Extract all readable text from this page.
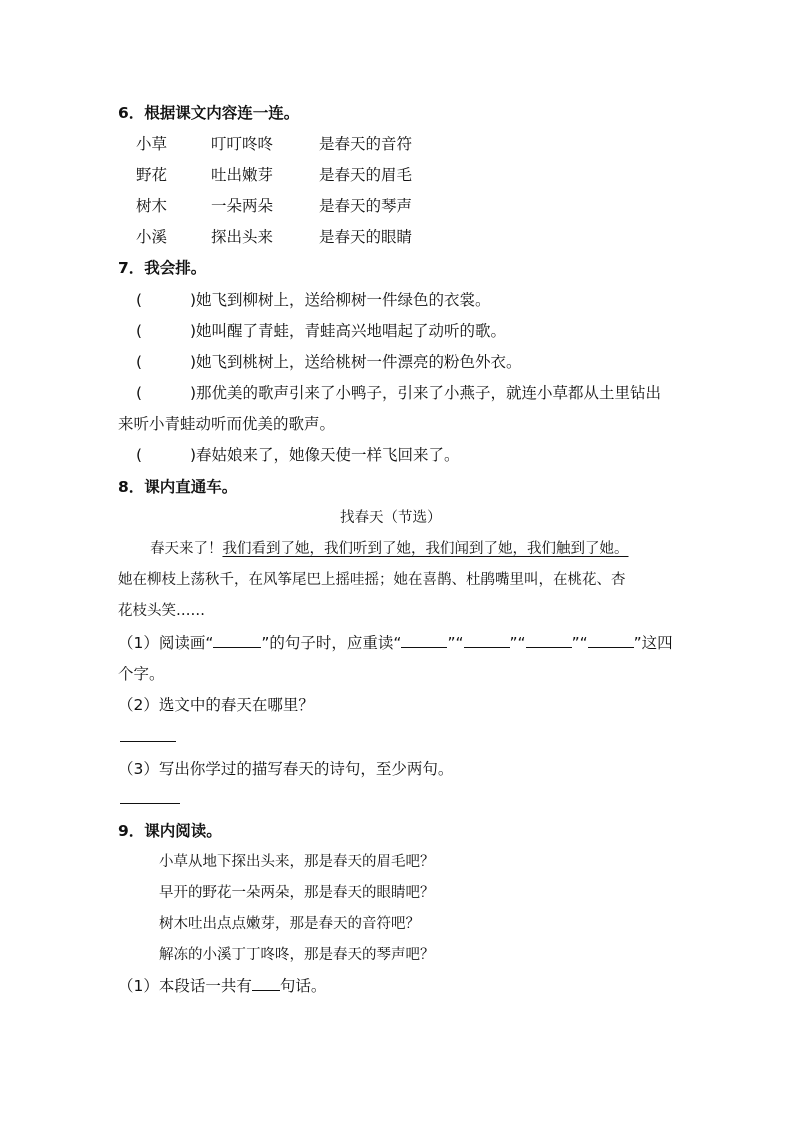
6．根据课文内容连一连。
小草	叮叮咚咚	是春天的音符
野花	吐出嫩芽	是春天的眉毛
树木	一朵两朵	是春天的琴声
小溪	探出头来	是春天的眼睛
7．我会排。
(
	) 她飞到柳树上，送给柳树一件绿色的衣裳。
(
	) 她叫醒了青蛙，青蛙高兴地唱起了动听的歌。
(
	) 她飞到桃树上，送给桃树一件漂亮的粉色外衣。
(
	) 那优美的歌声引来了小鸭子，引来了小燕子，就连小草都从土里钻出
来听小青蛙动听而优美的歌声。
(
	) 春姑娘来了，她像天使一样飞回来了。
8．课内直通车。
找春天（节选）
春天来了！我们看到了她，我们听到了她，我们闻到了她，我们触到了她。
她在柳枝上荡秋千，在风筝尾巴上摇哇摇；她在喜鹊、杜鹃嘴里叫，在桃花、杏
花枝头笑……
（1）阅读画“	”的句子时，应重读“	”“	”“	”“	”这四
个字。
（2）选文中的春天在哪里？
（3）写出你学过的描写春天的诗句，至少两句。
9．课内阅读。
小草从地下探出头来，那是春天的眉毛吧？
早开的野花一朵两朵，那是春天的眼睛吧？
树木吐出点点嫩芽，那是春天的音符吧？
解冻的小溪丁丁咚咚，那是春天的琴声吧？
（1）本段话一共有 句话。
